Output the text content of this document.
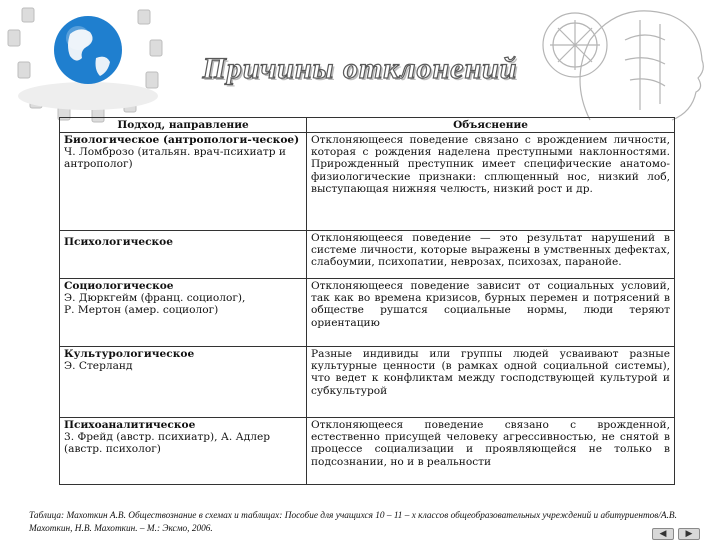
Причины отклонений
Подход, направление	Объяснение

Биологическое (антропологи-ческое)
Ч. Ломброзо (итальян. врач-психиатр и антрополог)	Отклоняющееся поведение связано с врождением личности, которая с рождения наделена преступными наклонностями. Прирожденный преступник имеет специфические анатомо-физиологические признаки: сплющенный нос, низкий лоб, выступающая нижняя челюсть, низкий рост и др.

Психологическое	Отклоняющееся поведение — это результат нарушений в системе личности, которые выражены в умственных дефектах, слабоумии, психопатии, неврозах, психозах, паранойе.

Социологическое
Э. Дюркгейм (франц. социолог),
Р. Мертон (амер. социолог)	Отклоняющееся поведение зависит от социальных условий, так как во времена кризисов, бурных перемен и потрясений в обществе рушатся социальные нормы, люди теряют ориентацию

Культурологическое
Э. Стерланд	Разные индивиды или группы людей усваивают разные культурные ценности (в рамках одной социальной системы), что ведет к конфликтам между господствующей культурой и субкультурой

Психоаналитическое
3. Фрейд (австр. психиатр), А. Адлер (австр. психолог)	Отклоняющееся поведение связано с врожденной, естественно присущей человеку агрессивностью, не снятой в процессе социализации и проявляющейся не только в подсознании, но и в реальности
Таблица: Махоткин А.В. Обществознание в схемах и таблицах: Пособие для учащихся 10 – 11 – х классов общеобразовательных учреждений и абитуриентов/А.В. Махоткин, Н.В. Махоткин. – М.: Эксмо, 2006.	◀	▶
